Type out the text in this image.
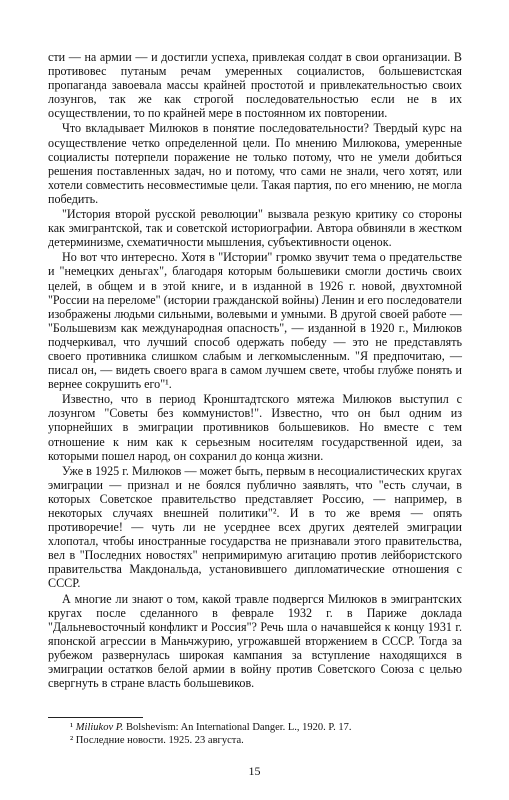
сти — на армии — и достигли успеха, привлекая солдат в свои организации. В противовес путаным речам умеренных социалистов, большевистская пропаганда завоевала массы крайней простотой и привлекательностью своих лозунгов, так же как строгой последовательностью если не в их осуществлении, то по крайней мере в постоянном их повторении.

Что вкладывает Милюков в понятие последовательности? Твердый курс на осуществление четко определенной цели. По мнению Милюкова, умеренные социалисты потерпели поражение не только потому, что не умели добиться решения поставленных задач, но и потому, что сами не знали, чего хотят, или хотели совместить несовместимые цели. Такая партия, по его мнению, не могла победить.

"История второй русской революции" вызвала резкую критику со стороны как эмигрантской, так и советской историографии. Автора обвиняли в жестком детерминизме, схематичности мышления, субъективности оценок.

Но вот что интересно. Хотя в "Истории" громко звучит тема о предательстве и "немецких деньгах", благодаря которым большевики смогли достичь своих целей, в общем и в этой книге, и в изданной в 1926 г. новой, двухтомной "России на переломе" (истории гражданской войны) Ленин и его последователи изображены людьми сильными, волевыми и умными. В другой своей работе — "Большевизм как международная опасность", — изданной в 1920 г., Милюков подчеркивал, что лучший способ одержать победу — это не представлять своего противника слишком слабым и легкомысленным. "Я предпочитаю, — писал он, — видеть своего врага в самом лучшем свете, чтобы глубже понять и вернее сокрушить его"¹.

Известно, что в период Кронштадтского мятежа Милюков выступил с лозунгом "Советы без коммунистов!". Известно, что он был одним из упорнейших в эмиграции противников большевиков. Но вместе с тем отношение к ним как к серьезным носителям государственной идеи, за которыми пошел народ, он сохранил до конца жизни.

Уже в 1925 г. Милюков — может быть, первым в несоциалистических кругах эмиграции — признал и не боялся публично заявлять, что "есть случаи, в которых Советское правительство представляет Россию, — например, в некоторых случаях внешней политики"². И в то же время — опять противоречие! — чуть ли не усерднее всех других деятелей эмиграции хлопотал, чтобы иностранные государства не признавали этого правительства, вел в "Последних новостях" непримиримую агитацию против лейбористского правительства Макдональда, установившего дипломатические отношения с СССР.

А многие ли знают о том, какой травле подвергся Милюков в эмигрантских кругах после сделанного в феврале 1932 г. в Париже доклада "Дальневосточный конфликт и Россия"? Речь шла о начавшейся к концу 1931 г. японской агрессии в Маньчжурию, угрожавшей вторжением в СССР. Тогда за рубежом развернулась широкая кампания за вступление находящихся в эмиграции остатков белой армии в войну против Советского Союза с целью свергнуть в стране власть большевиков.

¹ Miliukov P. Bolshevism: An International Danger. L., 1920. P. 17.

² Последние новости. 1925. 23 августа.

15
